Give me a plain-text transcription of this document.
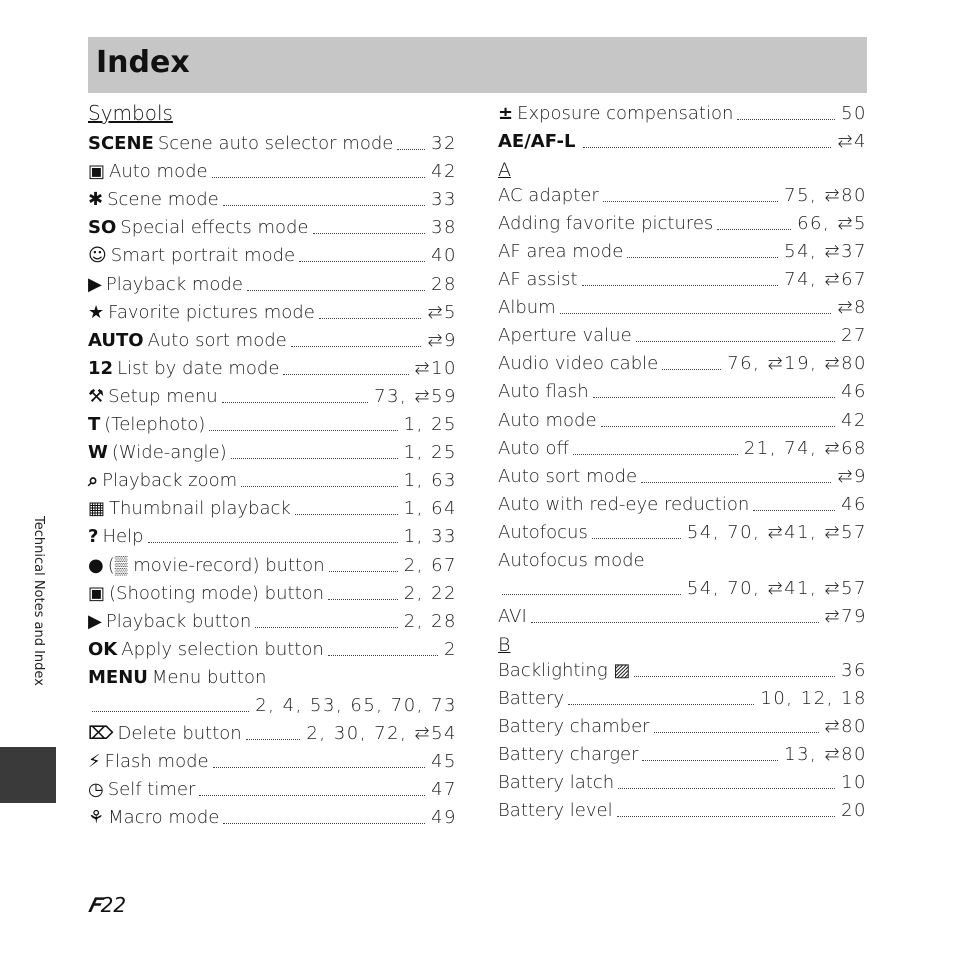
Index
Technical Notes and Index
Symbols
SCENE Scene auto selector mode 32
▣ Auto mode	42
✱ Scene mode	33
SO Special effects mode	38
☺ Smart portrait mode	40
▶ Playback mode	28
★ Favorite pictures mode	⇄5
AUTO Auto sort mode	⇄9
12 List by date mode	⇄10
⚒ Setup menu	73, ⇄59
T (Telephoto)	1, 25
W (Wide-angle)	1, 25
⌕ Playback zoom	1, 63
▦ Thumbnail playback	1, 64
? Help	1, 33
● (▒ movie-record) button	2, 67
▣ (Shooting mode) button	2, 22
▶ Playback button	2, 28
OK Apply selection button	2
MENU Menu button
2, 4, 53, 65, 70, 73
⌦ Delete button	2, 30, 72, ⇄54
⚡ Flash mode	45
◷ Self timer	47
⚘ Macro mode	49
± Exposure compensation	50
AE/AF-L	⇄4
A
AC adapter	75, ⇄80
Adding favorite pictures	66, ⇄5
AF area mode	54, ⇄37
AF assist	74, ⇄67
Album	⇄8
Aperture value	27
Audio video cable	76, ⇄19, ⇄80
Auto flash	46
Auto mode	42
Auto off	21, 74, ⇄68
Auto sort mode	⇄9
Auto with red-eye reduction	46
Autofocus	54, 70, ⇄41, ⇄57
Autofocus mode
54, 70, ⇄41, ⇄57
AVI	⇄79
B
Backlighting ▨	36
Battery	10, 12, 18
Battery chamber	⇄80
Battery charger	13, ⇄80
Battery latch	10
Battery level	20
𝑭22
